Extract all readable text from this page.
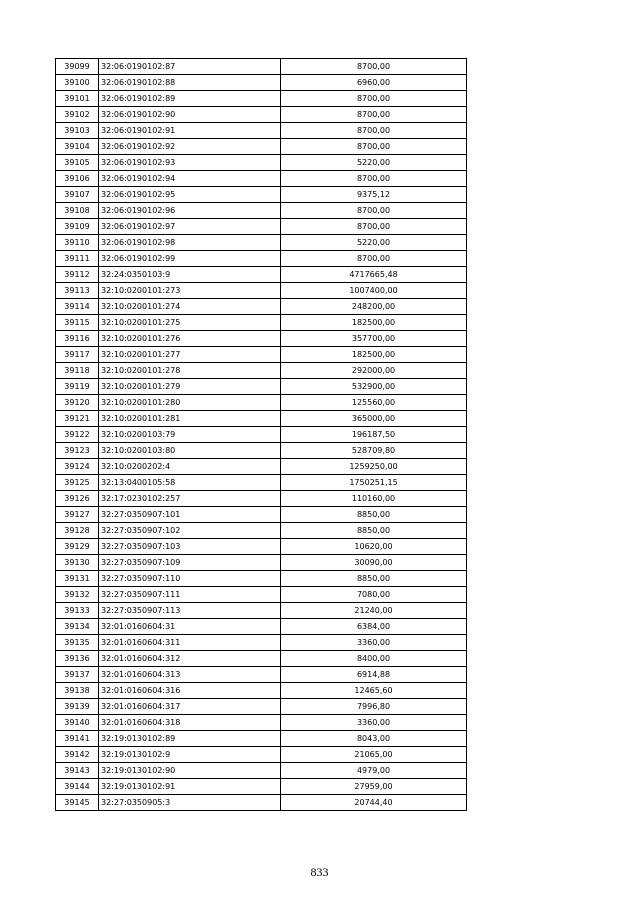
39099	32:06:0190102:87	8700,00
39100	32:06:0190102:88	6960,00
39101	32:06:0190102:89	8700,00
39102	32:06:0190102:90	8700,00
39103	32:06:0190102:91	8700,00
39104	32:06:0190102:92	8700,00
39105	32:06:0190102:93	5220,00
39106	32:06:0190102:94	8700,00
39107	32:06:0190102:95	9375,12
39108	32:06:0190102:96	8700,00
39109	32:06:0190102:97	8700,00
39110	32:06:0190102:98	5220,00
39111	32:06:0190102:99	8700,00
39112	32:24:0350103:9	4717665,48
39113	32:10:0200101:273	1007400,00
39114	32:10:0200101:274	248200,00
39115	32:10:0200101:275	182500,00
39116	32:10:0200101:276	357700,00
39117	32:10:0200101:277	182500,00
39118	32:10:0200101:278	292000,00
39119	32:10:0200101:279	532900,00
39120	32:10:0200101:280	125560,00
39121	32:10:0200101:281	365000,00
39122	32:10:0200103:79	196187,50
39123	32:10:0200103:80	528709,80
39124	32:10:0200202:4	1259250,00
39125	32:13:0400105:58	1750251,15
39126	32:17:0230102:257	110160,00
39127	32:27:0350907:101	8850,00
39128	32:27:0350907:102	8850,00
39129	32:27:0350907:103	10620,00
39130	32:27:0350907:109	30090,00
39131	32:27:0350907:110	8850,00
39132	32:27:0350907:111	7080,00
39133	32:27:0350907:113	21240,00
39134	32:01:0160604:31	6384,00
39135	32:01:0160604:311	3360,00
39136	32:01:0160604:312	8400,00
39137	32:01:0160604:313	6914,88
39138	32:01:0160604:316	12465,60
39139	32:01:0160604:317	7996,80
39140	32:01:0160604:318	3360,00
39141	32:19:0130102:89	8043,00
39142	32:19:0130102:9	21065,00
39143	32:19:0130102:90	4979,00
39144	32:19:0130102:91	27959,00
39145	32:27:0350905:3	20744,40
833
